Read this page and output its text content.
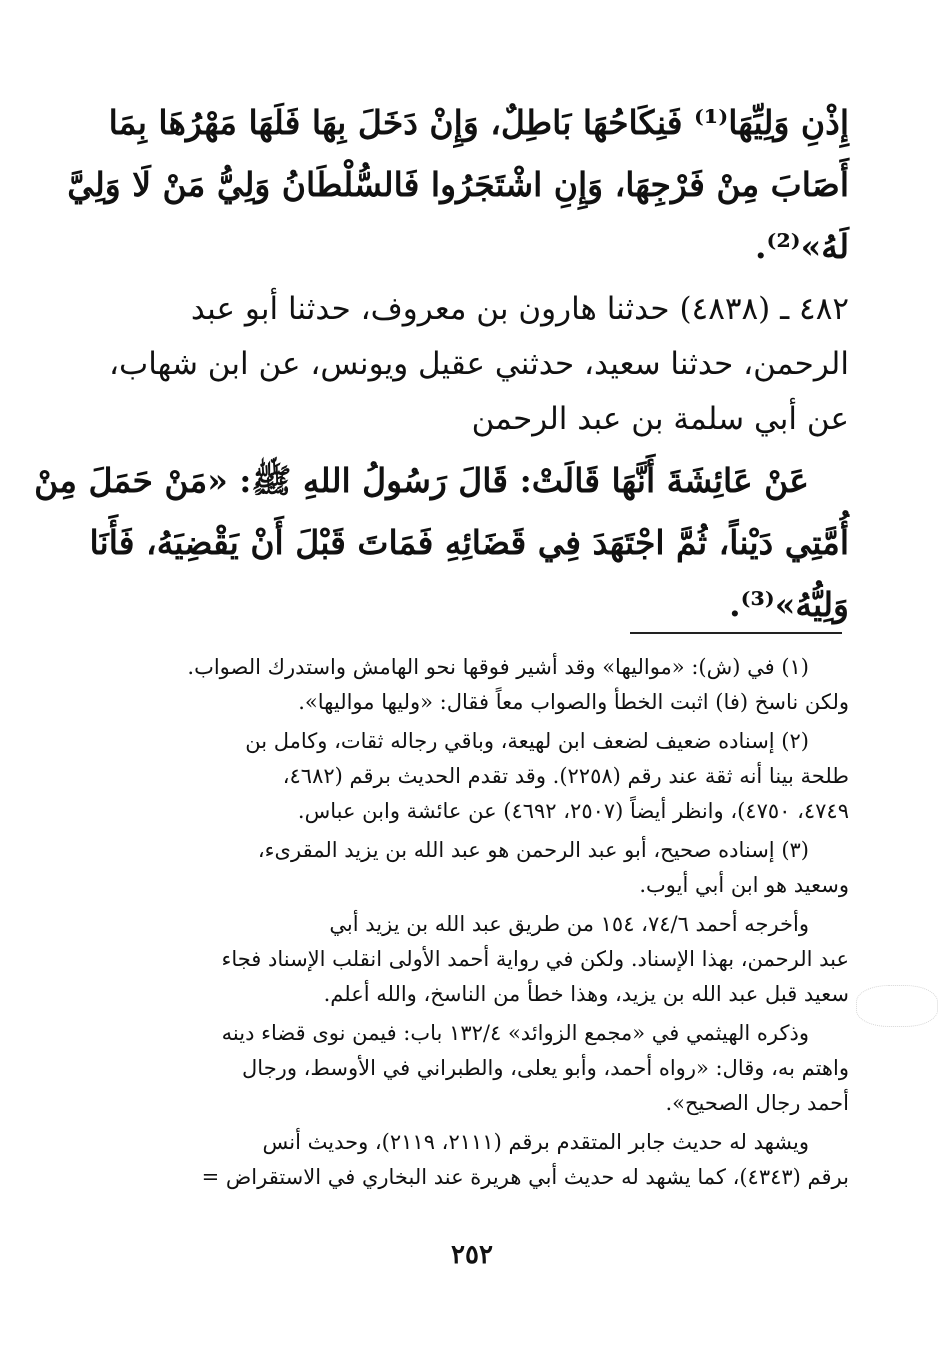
إِذْنِ وَلِيِّهَا⁽¹⁾ فَنِكَاحُهَا بَاطِلٌ، وَإِنْ دَخَلَ بِهَا فَلَهَا مَهْرُهَا بِمَا
أَصَابَ مِنْ فَرْجِهَا، وَإِنِ اشْتَجَرُوا فَالسُّلْطَانُ وَلِيُّ مَنْ لَا وَلِيَّ
لَهُ»⁽²⁾.
٤٨٢ ـ (٤٨٣٨) حدثنا هارون بن معروف، حدثنا أبو عبد
الرحمن، حدثنا سعيد، حدثني عقيل ويونس، عن ابن شهاب،
عن أبي سلمة بن عبد الرحمن
عَنْ عَائِشَةَ أَنَّهَا قَالَتْ: قَالَ رَسُولُ اللهِ ﷺ: «مَنْ حَمَلَ مِنْ
أُمَّتِي دَيْناً، ثُمَّ اجْتَهَدَ فِي قَضَائِهِ فَمَاتَ قَبْلَ أَنْ يَقْضِيَهُ، فَأَنَا
وَلِيُّهُ»⁽³⁾.
(١) في (ش): «مواليها» وقد أشير فوقها نحو الهامش واستدرك الصواب.
ولكن ناسخ (فا) اثبت الخطأ والصواب معاً فقال: «وليها مواليها».
(٢) إسناده ضعيف لضعف ابن لهيعة، وباقي رجاله ثقات، وكامل بن
طلحة بينا أنه ثقة عند رقم (٢٢٥٨). وقد تقدم الحديث برقم (٤٦٨٢،
٤٧٤٩، ٤٧٥٠)، وانظر أيضاً (٢٥٠٧، ٤٦٩٢) عن عائشة وابن عباس.
(٣) إسناده صحيح، أبو عبد الرحمن هو عبد الله بن يزيد المقرىء،
وسعيد هو ابن أبي أيوب.
وأخرجه أحمد ٧٤/٦، ١٥٤ من طريق عبد الله بن يزيد أبي
عبد الرحمن، بهذا الإسناد. ولكن في رواية أحمد الأولى انقلب الإسناد فجاء
سعيد قبل عبد الله بن يزيد، وهذا خطأ من الناسخ، والله أعلم.
وذكره الهيثمي في «مجمع الزوائد» ١٣٢/٤ باب: فيمن نوى قضاء دينه
واهتم به، وقال: «رواه أحمد، وأبو يعلى، والطبراني في الأوسط، ورجال
أحمد رجال الصحيح».
ويشهد له حديث جابر المتقدم برقم (٢١١١، ٢١١٩)، وحديث أنس
برقم (٤٣٤٣)، كما يشهد له حديث أبي هريرة عند البخاري في الاستقراض =
٢٥٢
